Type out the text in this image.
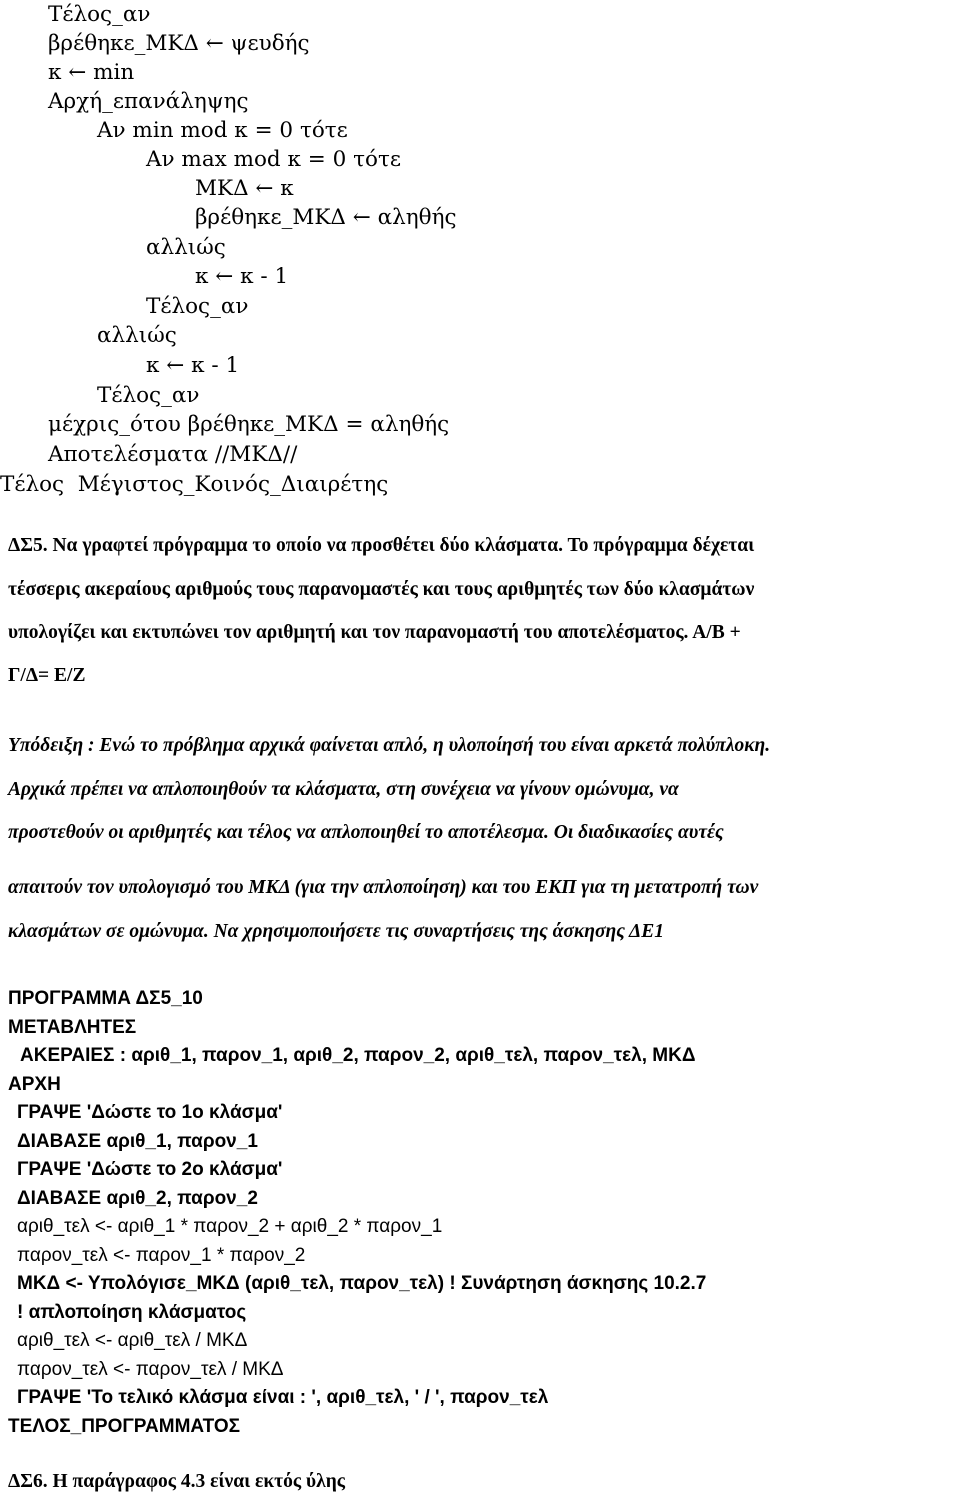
Τέλος_αν
βρέθηκε_ΜΚΔ ← ψευδής
κ ← min
Αρχή_επανάληψης
Αν min mod κ = 0 τότε
Αν max mod κ = 0 τότε
ΜΚΔ ← κ
βρέθηκε_ΜΚΔ ← αληθής
αλλιώς
κ ← κ - 1
Τέλος_αν
αλλιώς
κ ← κ - 1
Τέλος_αν
μέχρις_ότου βρέθηκε_ΜΚΔ = αληθής
Αποτελέσματα //ΜΚΔ//
Τέλος  Μέγιστος_Κοινός_Διαιρέτης
ΔΣ5. Να γραφτεί πρόγραμμα το οποίο να προσθέτει δύο κλάσματα. Το πρόγραμμα δέχεται
τέσσερις ακεραίους αριθμούς τους παρανομαστές και τους αριθμητές των δύο κλασμάτων
υπολογίζει και εκτυπώνει τον αριθμητή και τον παρανομαστή του αποτελέσματος. Α/Β +
Γ/Δ= Ε/Ζ
Υπόδειξη : Ενώ το πρόβλημα αρχικά φαίνεται απλό, η υλοποίησή του είναι αρκετά πολύπλοκη.
Αρχικά πρέπει να απλοποιηθούν τα κλάσματα, στη συνέχεια να γίνουν ομώνυμα, να
προστεθούν οι αριθμητές και τέλος να απλοποιηθεί το αποτέλεσμα. Οι διαδικασίες αυτές
απαιτούν τον υπολογισμό του ΜΚΔ (για την απλοποίηση) και του ΕΚΠ για τη μετατροπή των
κλασμάτων σε ομώνυμα. Να χρησιμοποιήσετε τις συναρτήσεις της άσκησης ΔΕ1
ΠΡΟΓΡΑΜΜΑ ΔΣ5_10
ΜΕΤΑΒΛΗΤΕΣ
ΑΚΕΡΑΙΕΣ : αριθ_1, παρον_1, αριθ_2, παρον_2, αριθ_τελ, παρον_τελ, ΜΚΔ
ΑΡΧΗ
ΓΡΑΨΕ 'Δώστε το 1ο κλάσμα'
ΔΙΑΒΑΣΕ αριθ_1, παρον_1
ΓΡΑΨΕ 'Δώστε το 2ο κλάσμα'
ΔΙΑΒΑΣΕ αριθ_2, παρον_2
αριθ_τελ <- αριθ_1 * παρον_2 + αριθ_2 * παρον_1
παρον_τελ <- παρον_1 * παρον_2
ΜΚΔ <- Υπολόγισε_ΜΚΔ (αριθ_τελ, παρον_τελ) ! Συνάρτηση άσκησης 10.2.7
! απλοποίηση κλάσματος
αριθ_τελ <- αριθ_τελ / ΜΚΔ
παρον_τελ <- παρον_τελ / ΜΚΔ
ΓΡΑΨΕ 'Το τελικό κλάσμα είναι : ', αριθ_τελ, ' / ', παρον_τελ
ΤΕΛΟΣ_ΠΡΟΓΡΑΜΜΑΤΟΣ
ΔΣ6. Η παράγραφος 4.3 είναι εκτός ύλης
